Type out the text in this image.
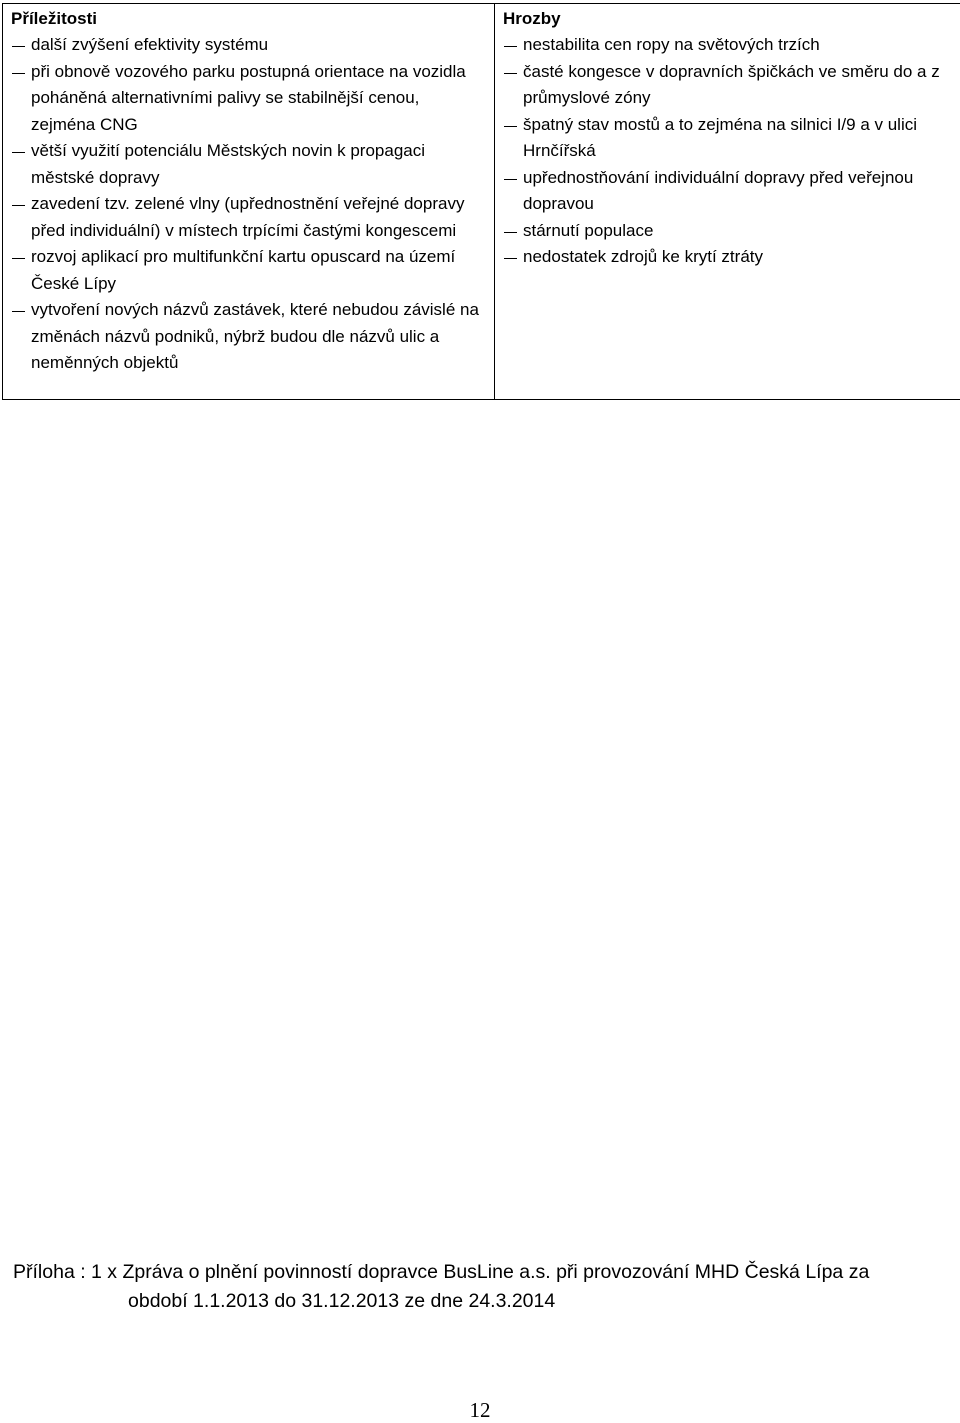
Příležitosti
další zvýšení efektivity systému
při obnově vozového parku postupná orientace na vozidla poháněná alternativními palivy se stabilnější cenou, zejména CNG
větší využití potenciálu Městských novin k propagaci městské dopravy
zavedení tzv. zelené vlny (upřednostnění veřejné dopravy před individuální) v místech trpícími častými kongescemi
rozvoj aplikací pro multifunkční kartu opuscard na území České Lípy
vytvoření nových názvů zastávek, které nebudou závislé na změnách názvů podniků, nýbrž budou dle názvů ulic a neměnných objektů

Hrozby
nestabilita cen ropy na světových trzích
časté kongesce v dopravních špičkách ve směru do a z průmyslové zóny
špatný stav mostů a to zejména na silnici I/9 a v ulici Hrnčířská
upřednostňování individuální dopravy před veřejnou dopravou
stárnutí populace
nedostatek zdrojů ke krytí ztráty
Příloha : 1 x Zpráva o plnění povinností dopravce BusLine a.s. při provozování MHD Česká Lípa za
období 1.1.2013 do 31.12.2013 ze dne 24.3.2014
12
